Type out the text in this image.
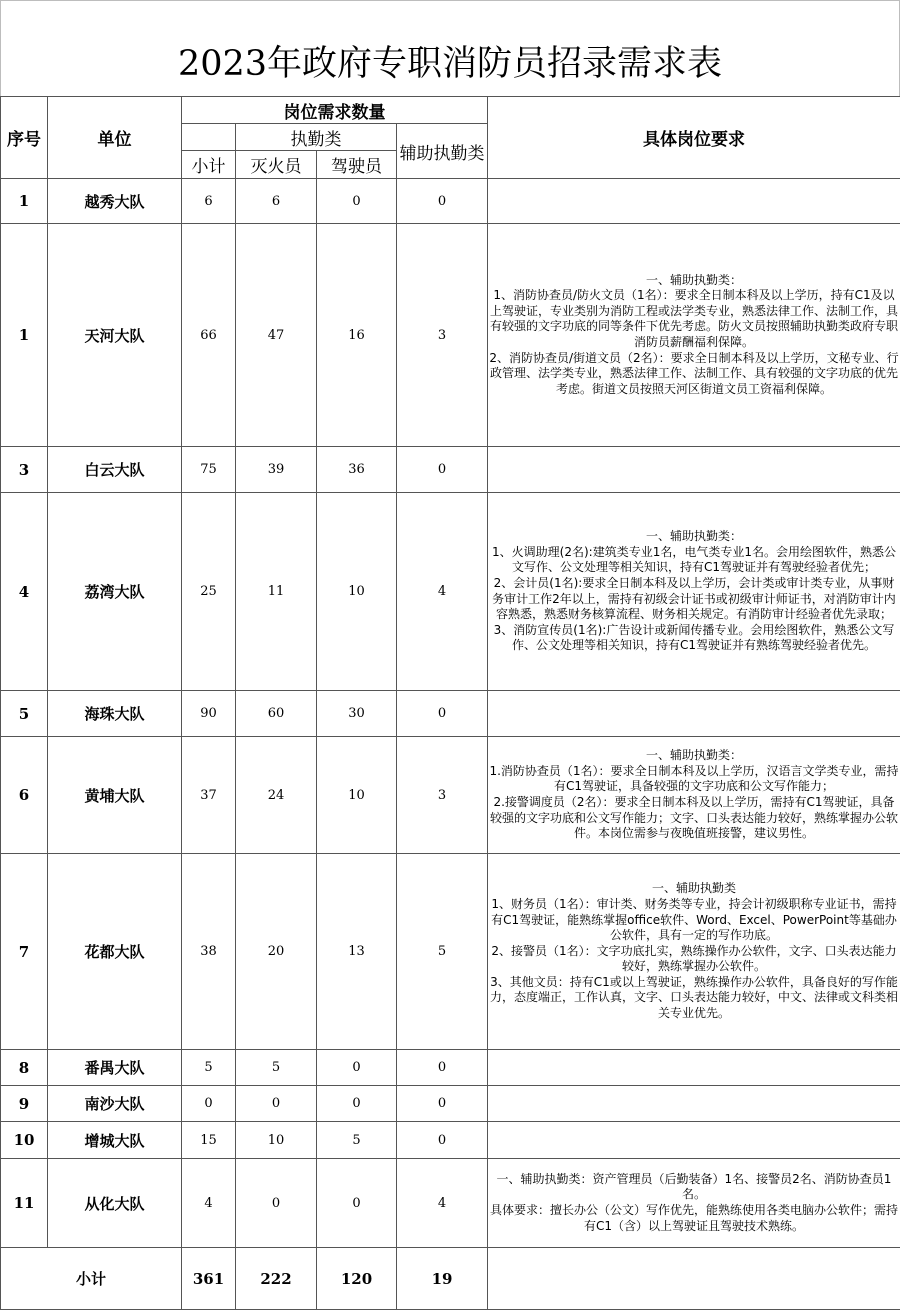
2023年政府专职消防员招录需求表
序号	单位	岗位需求数量				具体岗位要求
			执勤类		辅助执勤类	
		小计	灭火员	驾驶员		
1	越秀大队	6	6	0	0	

1	天河大队	66	47	16	3	一、辅助执勤类：
1、消防协查员/防火文员（1名）：要求全日制本科及以上学历，持有C1及以上驾驶证，专业类别为消防工程或法学类专业，熟悉法律工作、法制工作，具有较强的文字功底的同等条件下优先考虑。防火文员按照辅助执勤类政府专职消防员薪酬福利保障。
2、消防协查员/街道文员（2名）：要求全日制本科及以上学历，文秘专业、行政管理、法学类专业，熟悉法律工作、法制工作、具有较强的文字功底的优先考虑。街道文员按照天河区街道文员工资福利保障。

3	白云大队	75	39	36	0	

4	荔湾大队	25	11	10	4	一、辅助执勤类：
1、火调助理(2名):建筑类专业1名，电气类专业1名。会用绘图软件，熟悉公文写作、公文处理等相关知识，持有C1驾驶证并有驾驶经验者优先；
2、会计员(1名):要求全日制本科及以上学历，会计类或审计类专业，从事财务审计工作2年以上，需持有初级会计证书或初级审计师证书，对消防审计内容熟悉，熟悉财务核算流程、财务相关规定。有消防审计经验者优先录取；
3、消防宣传员(1名):广告设计或新闻传播专业。会用绘图软件，熟悉公文写作、公文处理等相关知识，持有C1驾驶证并有熟练驾驶经验者优先。

5	海珠大队	90	60	30	0	

6	黄埔大队	37	24	10	3	一、辅助执勤类：
1.消防协查员（1名）：要求全日制本科及以上学历，汉语言文学类专业，需持有C1驾驶证，具备较强的文字功底和公文写作能力；
2.接警调度员（2名）：要求全日制本科及以上学历，需持有C1驾驶证，具备较强的文字功底和公文写作能力；文字、口头表达能力较好，熟练掌握办公软件。本岗位需参与夜晚值班接警，建议男性。

7	花都大队	38	20	13	5	一、辅助执勤类
1、财务员（1名）：审计类、财务类等专业，持会计初级职称专业证书，需持有C1驾驶证，能熟练掌握office软件、Word、Excel、PowerPoint等基础办公软件，具有一定的写作功底。
2、接警员（1名）：文字功底扎实，熟练操作办公软件，文字、口头表达能力较好，熟练掌握办公软件。
3、其他文员：持有C1或以上驾驶证，熟练操作办公软件，具备良好的写作能力，态度端正，工作认真，文字、口头表达能力较好，中文、法律或文科类相关专业优先。

8	番禺大队	5	5	0	0	

9	南沙大队	0	0	0	0	

10	增城大队	15	10	5	0	

11	从化大队	4	0	0	4	一、辅助执勤类：资产管理员（后勤装备）1名、接警员2名、消防协查员1名。
具体要求：擅长办公（公文）写作优先，能熟练使用各类电脑办公软件；需持有C1（含）以上驾驶证且驾驶技术熟练。

小计		361	222	120	19	
